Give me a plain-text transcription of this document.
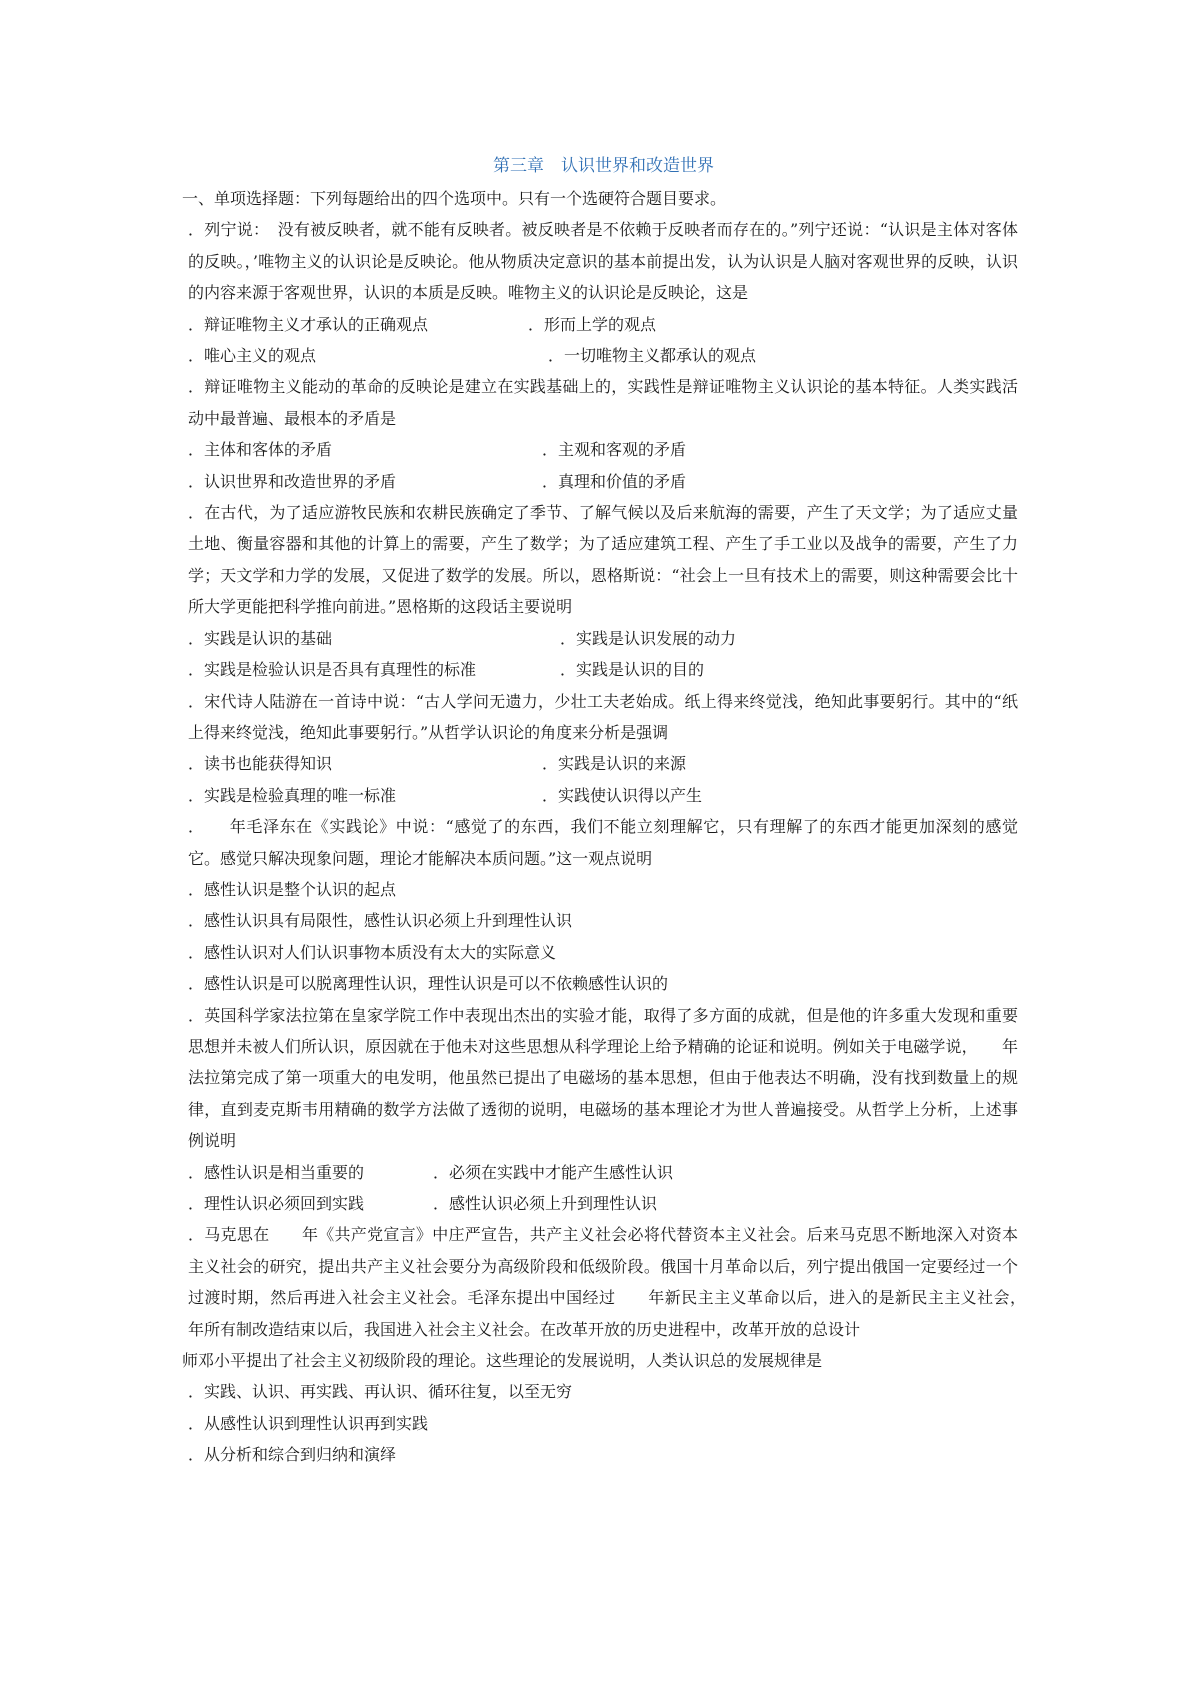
第三章　认识世界和改造世界

一、单项选择题：下列每题给出的四个选项中。只有一个选硬符合题目要求。

．列宁说：　没有被反映者，就不能有反映者。被反映者是不依赖于反映者而存在的。”列宁还说：“认识是主体对客体的反映。，’唯物主义的认识论是反映论。他从物质决定意识的基本前提出发，认为认识是人脑对客观世界的反映，认识的内容来源于客观世界，认识的本质是反映。唯物主义的认识论是反映论，这是

．辩证唯物主义才承认的正确观点	．形而上学的观点
．唯心主义的观点	．一切唯物主义都承认的观点

．辩证唯物主义能动的革命的反映论是建立在实践基础上的，实践性是辩证唯物主义认识论的基本特征。人类实践活动中最普遍、最根本的矛盾是

．主体和客体的矛盾	．主观和客观的矛盾
．认识世界和改造世界的矛盾	．真理和价值的矛盾

．在古代，为了适应游牧民族和农耕民族确定了季节、了解气候以及后来航海的需要，产生了天文学；为了适应丈量土地、衡量容器和其他的计算上的需要，产生了数学；为了适应建筑工程、产生了手工业以及战争的需要，产生了力学；天文学和力学的发展，又促进了数学的发展。所以，恩格斯说：“社会上一旦有技术上的需要，则这种需要会比十所大学更能把科学推向前进。”恩格斯的这段话主要说明

．实践是认识的基础	．实践是认识发展的动力
．实践是检验认识是否具有真理性的标准	．实践是认识的目的

．宋代诗人陆游在一首诗中说：“古人学问无遗力，少壮工夫老始成。纸上得来终觉浅，绝知此事要躬行。其中的“纸上得来终觉浅，绝知此事要躬行。”从哲学认识论的角度来分析是强调

．读书也能获得知识	．实践是认识的来源
．实践是检验真理的唯一标准	．实践使认识得以产生

．　　年毛泽东在《实践论》中说：“感觉了的东西，我们不能立刻理解它，只有理解了的东西才能更加深刻的感觉它。感觉只解决现象问题，理论才能解决本质问题。”这一观点说明

．感性认识是整个认识的起点
．感性认识具有局限性，感性认识必须上升到理性认识
．感性认识对人们认识事物本质没有太大的实际意义
．感性认识是可以脱离理性认识，理性认识是可以不依赖感性认识的

．英国科学家法拉第在皇家学院工作中表现出杰出的实验才能，取得了多方面的成就，但是他的许多重大发现和重要思想并未被人们所认识，原因就在于他未对这些思想从科学理论上给予精确的论证和说明。例如关于电磁学说，　　年法拉第完成了第一项重大的电发明，他虽然已提出了电磁场的基本思想，但由于他表达不明确，没有找到数量上的规律，直到麦克斯韦用精确的数学方法做了透彻的说明，电磁场的基本理论才为世人普遍接受。从哲学上分析，上述事例说明

．感性认识是相当重要的	．必须在实践中才能产生感性认识
．理性认识必须回到实践	．感性认识必须上升到理性认识

．马克思在　　年《共产党宣言》中庄严宣告，共产主义社会必将代替资本主义社会。后来马克思不断地深入对资本主义社会的研究，提出共产主义社会要分为高级阶段和低级阶段。俄国十月革命以后，列宁提出俄国一定要经过一个过渡时期，然后再进入社会主义社会。毛泽东提出中国经过　　年新民主主义革命以后，进入的是新民主主义社会，　　年所有制改造结束以后，我国进入社会主义社会。在改革开放的历史进程中，改革开放的总设计

师邓小平提出了社会主义初级阶段的理论。这些理论的发展说明，人类认识总的发展规律是

．实践、认识、再实践、再认识、循环往复，以至无穷
．从感性认识到理性认识再到实践
．从分析和综合到归纳和演绎
